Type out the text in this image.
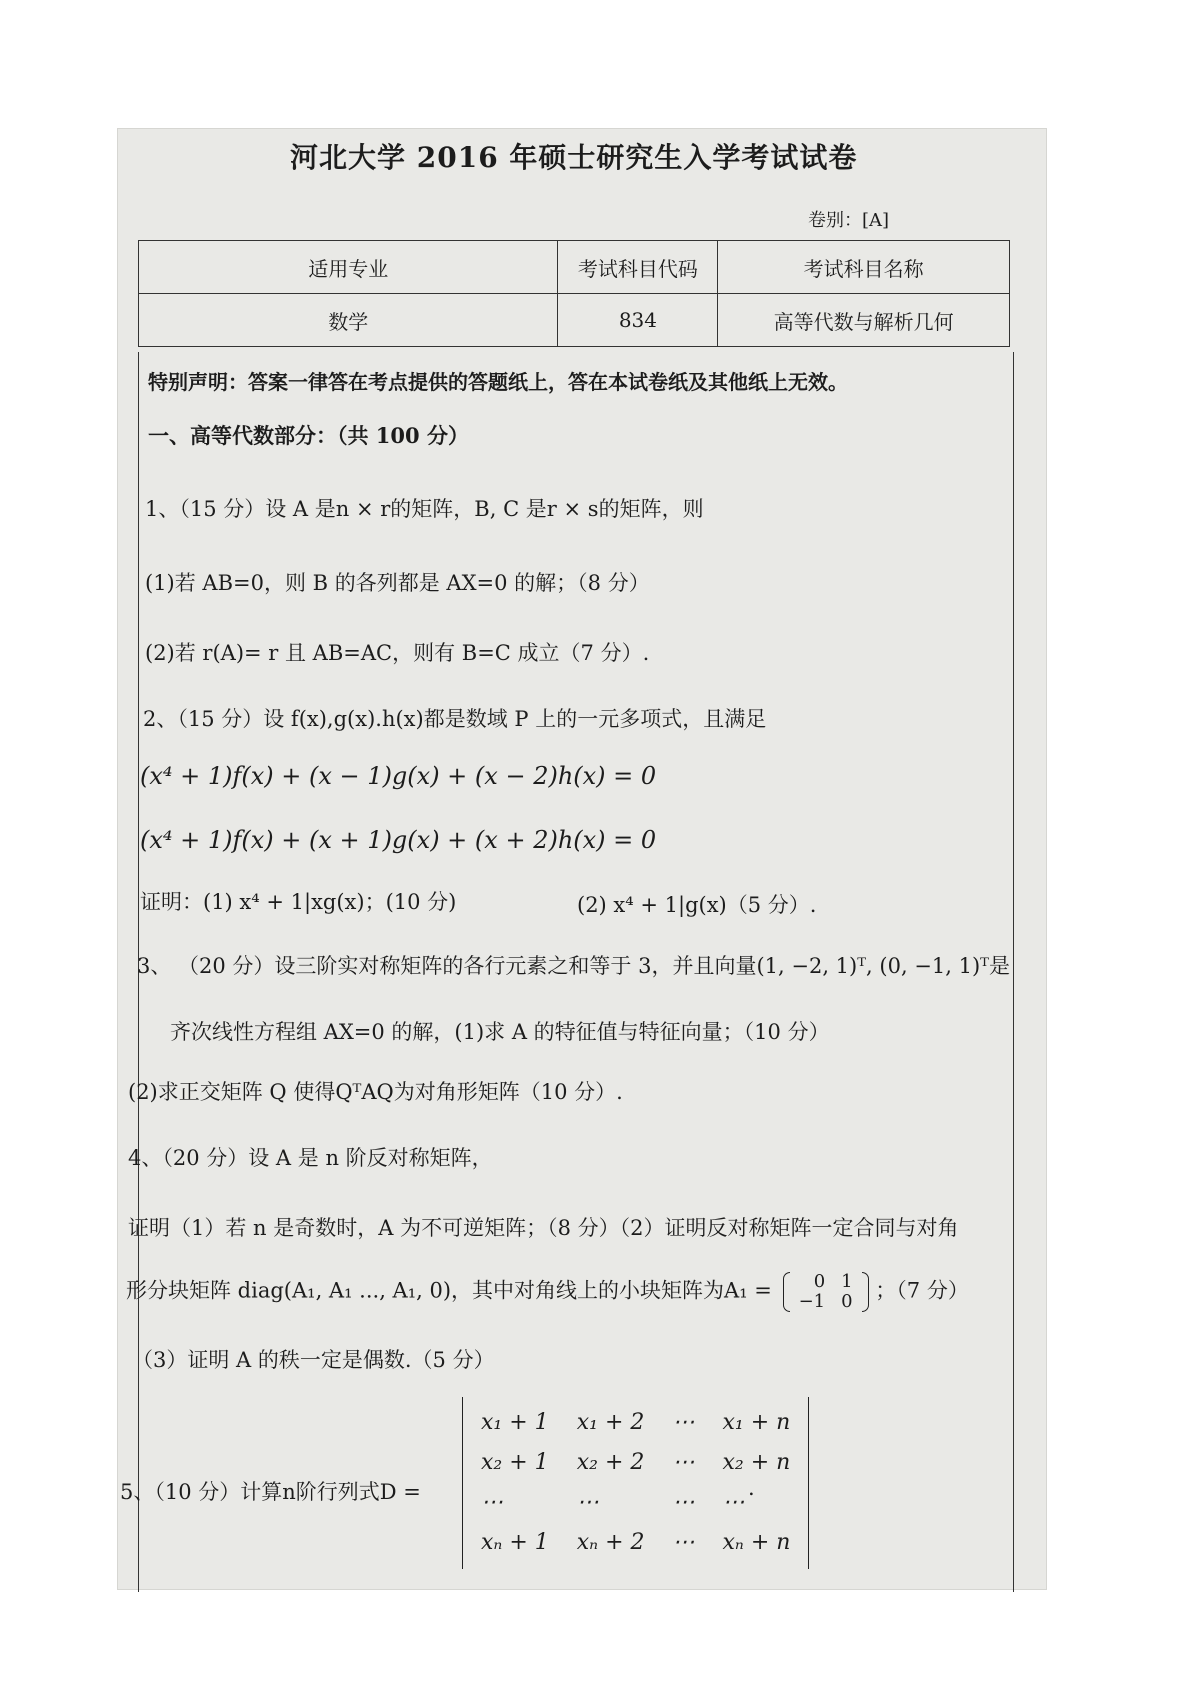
河北大学 2016 年硕士研究生入学考试试卷
卷别：[A]
适用专业	考试科目代码	考试科目名称
数学	834	高等代数与解析几何
特别声明：答案一律答在考点提供的答题纸上，答在本试卷纸及其他纸上无效。
一、高等代数部分：（共 100 分）
1、（15 分）设 A 是n × r的矩阵，B, C 是r × s的矩阵，则
(1)若 AB=0，则 B 的各列都是 AX=0 的解；（8 分）
(2)若 r(A)= r 且 AB=AC，则有 B=C 成立（7 分）.
2、（15 分）设 f(x),g(x).h(x)都是数域 P 上的一元多项式，且满足
(x⁴ + 1)f(x) + (x − 1)g(x) + (x − 2)h(x) = 0
(x⁴ + 1)f(x) + (x + 1)g(x) + (x + 2)h(x) = 0
证明：(1) x⁴ + 1|xg(x)；(10 分)	(2) x⁴ + 1|g(x)（5 分）.
3、 （20 分）设三阶实对称矩阵的各行元素之和等于 3，并且向量(1, −2, 1)ᵀ, (0, −1, 1)ᵀ是
齐次线性方程组 AX=0 的解，(1)求 A 的特征值与特征向量；（10 分）
(2)求正交矩阵 Q 使得QᵀAQ为对角形矩阵（10 分）.
4、（20 分）设 A 是 n 阶反对称矩阵，
证明（1）若 n 是奇数时，A 为不可逆矩阵；（8 分）（2）证明反对称矩阵一定合同与对角
形分块矩阵 diag(A₁, A₁ ..., A₁, 0)，其中对角线上的小块矩阵为A₁ = 0	1
−1	0 ；（7 分）
（3）证明 A 的秩一定是偶数.（5 分）
5、（10 分）计算n阶行列式D =
x₁ + 1	x₁ + 2	⋯	x₁ + n
x₂ + 1	x₂ + 2	⋯	x₂ + n
⋯	⋯	⋯	⋯
xₙ + 1	xₙ + 2	⋯	xₙ + n
.
